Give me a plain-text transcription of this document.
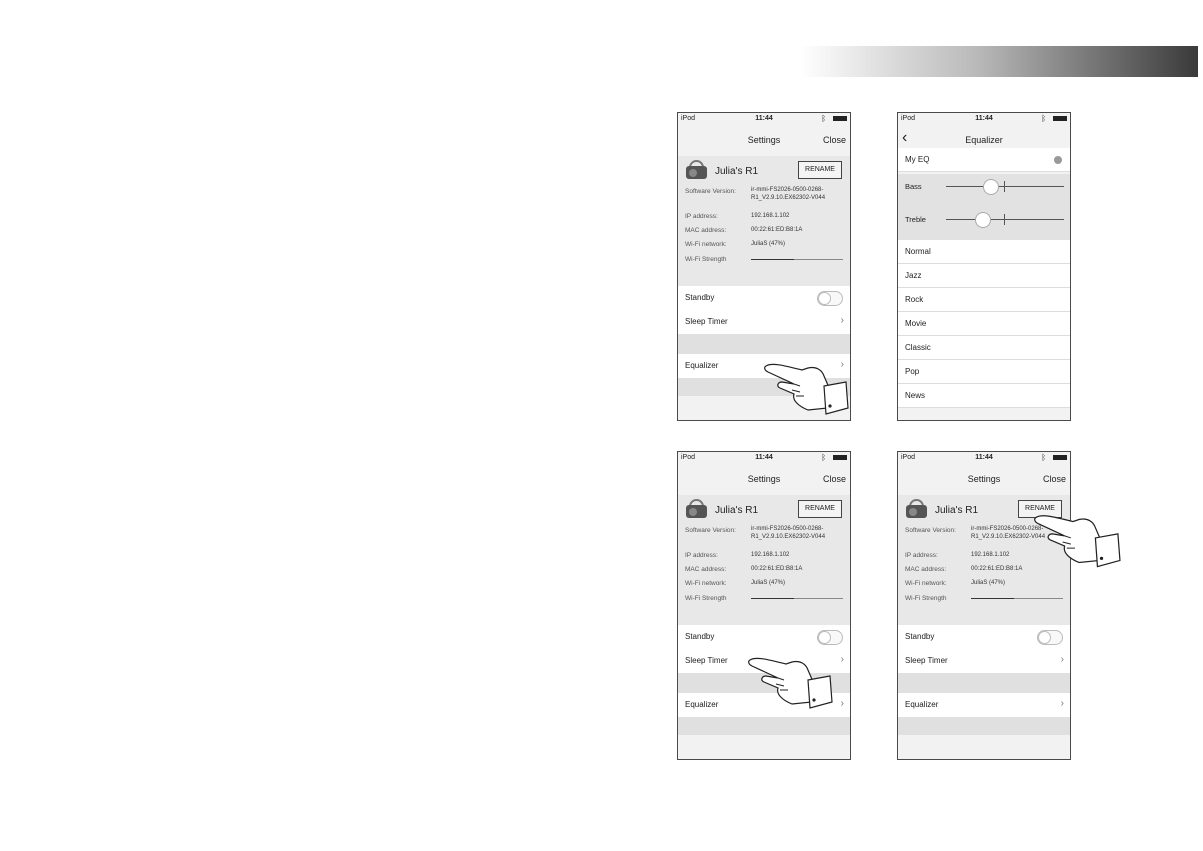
iPod	11:44	ᛒ
Settings	Close
Julia's R1	RENAME
Software Version:	ir-mmi-FS2026-0500-0268-
R1_V2.9.10.EX62302-V044
IP address:	192.168.1.102
MAC address:	00:22:61:ED:B8:1A
Wi-Fi network:	JuliaS (47%)
Wi-Fi Strength
Standby
Sleep Timer	›
Equalizer	›
iPod	11:44	ᛒ
‹	Equalizer
My EQ
Bass
Treble
Normal
Jazz
Rock
Movie
Classic
Pop
News
iPod	11:44	ᛒ
Settings	Close
Julia's R1	RENAME
Software Version:	ir-mmi-FS2026-0500-0268-
R1_V2.9.10.EX62302-V044
IP address:	192.168.1.102
MAC address:	00:22:61:ED:B8:1A
Wi-Fi network:	JuliaS (47%)
Wi-Fi Strength
Standby
Sleep Timer	›
Equalizer	›
iPod	11:44	ᛒ
Settings	Close
Julia's R1	RENAME
Software Version:	ir-mmi-FS2026-0500-0268-
R1_V2.9.10.EX62302-V044
IP address:	192.168.1.102
MAC address:	00:22:61:ED:B8:1A
Wi-Fi network:	JuliaS (47%)
Wi-Fi Strength
Standby
Sleep Timer	›
Equalizer	›
